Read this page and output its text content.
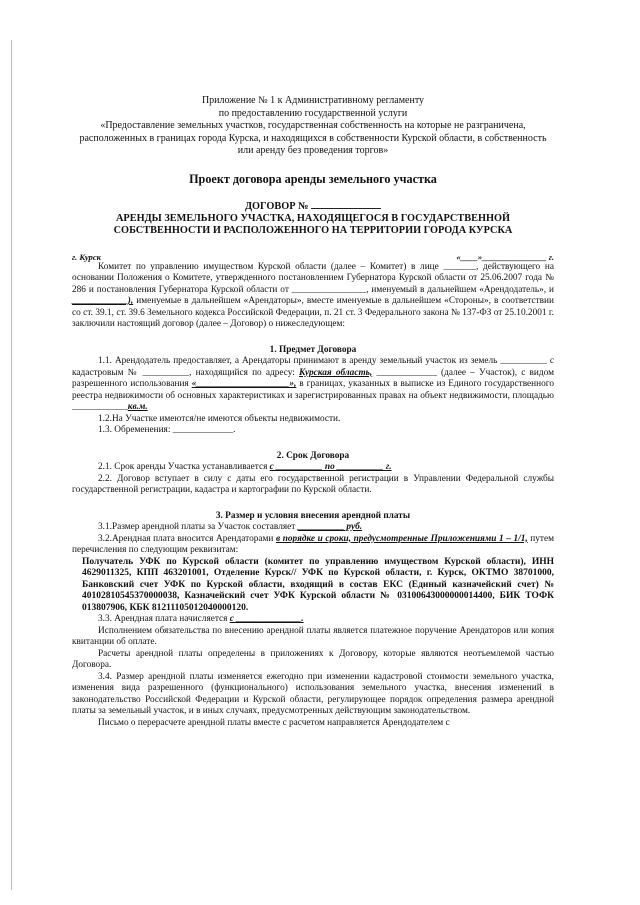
Приложение № 1 к Административному регламенту
по предоставлению государственной услуги
«Предоставление земельных участков, государственная собственность на которые не разграничена, расположенных в границах города Курска, и находящихся в собственности Курской области, в собственность или аренду без проведения торгов»
Проект договора аренды земельного участка
ДОГОВОР №
АРЕНДЫ ЗЕМЕЛЬНОГО УЧАСТКА, НАХОДЯЩЕГОСЯ В ГОСУДАРСТВЕННОЙ СОБСТВЕННОСТИ И РАСПОЛОЖЕННОГО НА ТЕРРИТОРИИ ГОРОДА КУРСКА
г. Курск	«____»_______________ г.
Комитет по управлению имуществом Курской области (далее – Комитет) в лице _______, действующего на основании Положения о Комитете, утвержденного постановлением Губернатора Курской области от 25.06.2007 года № 286 и постановления Губернатора Курской области от ________________, именуемый в дальнейшем «Арендодатель», и ____________), именуемые в дальнейшем «Арендаторы», вместе именуемые в дальнейшем «Стороны», в соответствии со ст. 39.1, ст. 39.6 Земельного кодекса Российской Федерации, п. 21 ст. 3 Федерального закона № 137-ФЗ от 25.10.2001 г. заключили настоящий договор (далее – Договор) о нижеследующем:
1. Предмет Договора
1.1. Арендодатель предоставляет, а Арендаторы принимают в аренду земельный участок из земель __________ с кадастровым № __________, находящийся по адресу: Курская область, _____________ (далее – Участок), с видом разрешенного использования «____________________», в границах, указанных в выписке из Единого государственного реестра недвижимости об основных характеристиках и зарегистрированных правах на объект недвижимости, площадью ____________кв.м.
1.2.На Участке имеются/не имеются объекты недвижимости.
1.3. Обременения: _____________.
2. Срок Договора
2.1. Срок аренды Участка устанавливается с __________ по __________ г.
2.2. Договор вступает в силу с даты его государственной регистрации в Управлении Федеральной службы государственной регистрации, кадастра и картографии по Курской области.
3. Размер и условия внесения арендной платы
3.1.Размер арендной платы за Участок составляет __________ руб.
3.2.Арендная плата вносится Арендаторами в порядке и сроки, предусмотренные Приложениями 1 – 1/1, путем перечисления по следующим реквизитам:
Получатель УФК по Курской области (комитет по управлению имуществом Курской области), ИНН 4629011325, КПП 463201001, Отделение Курск// УФК по Курской области, г. Курск, ОКТМО 38701000, Банковский счет УФК по Курской области, входящий в состав ЕКС (Единый казначейский счет) № 40102810545370000038, Казначейский счет УФК Курской области № 03100643000000014400, БИК ТОФК 013807906, КБК 81211105012040000120.
3.3. Арендная плата начисляется с ______________.
Исполнением обязательства по внесению арендной платы является платежное поручение Арендаторов или копия квитанции об оплате.
Расчеты арендной платы определены в приложениях к Договору, которые являются неотъемлемой частью Договора.
3.4. Размер арендной платы изменяется ежегодно при изменении кадастровой стоимости земельного участка, изменения вида разрешенного (функционального) использования земельного участка, внесения изменений в законодательство Российской Федерации и Курской области, регулирующее порядок определения размера арендной платы за земельный участок, и в иных случаях, предусмотренных действующим законодательством.
Письмо о перерасчете арендной платы вместе с расчетом направляется Арендодателем с
